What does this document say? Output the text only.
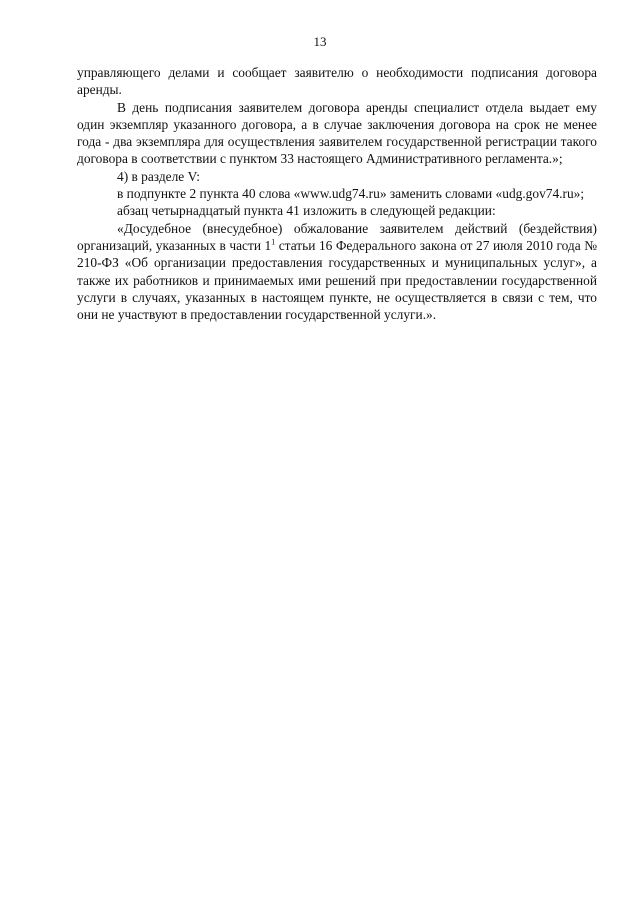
13

управляющего делами и сообщает заявителю о необходимости подписания договора аренды.

В день подписания заявителем договора аренды специалист отдела выдает ему один экземпляр указанного договора, а в случае заключения договора на срок не менее года - два экземпляра для осуществления заявителем государственной регистрации такого договора в соответствии с пунктом 33 настоящего Административного регламента.»;

4) в разделе V:

в подпункте 2 пункта 40 слова «www.udg74.ru» заменить словами «udg.gov74.ru»;

абзац четырнадцатый пункта 41 изложить в следующей редакции:

«Досудебное (внесудебное) обжалование заявителем действий (бездействия) организаций, указанных в части $1^1$ статьи 16 Федерального закона от 27 июля 2010 года № 210-ФЗ «Об организации предоставления государственных и муниципальных услуг», а также их работников и принимаемых ими решений при предоставлении государственной услуги в случаях, указанных в настоящем пункте, не осуществляется в связи с тем, что они не участвуют в предоставлении государственной услуги.».
